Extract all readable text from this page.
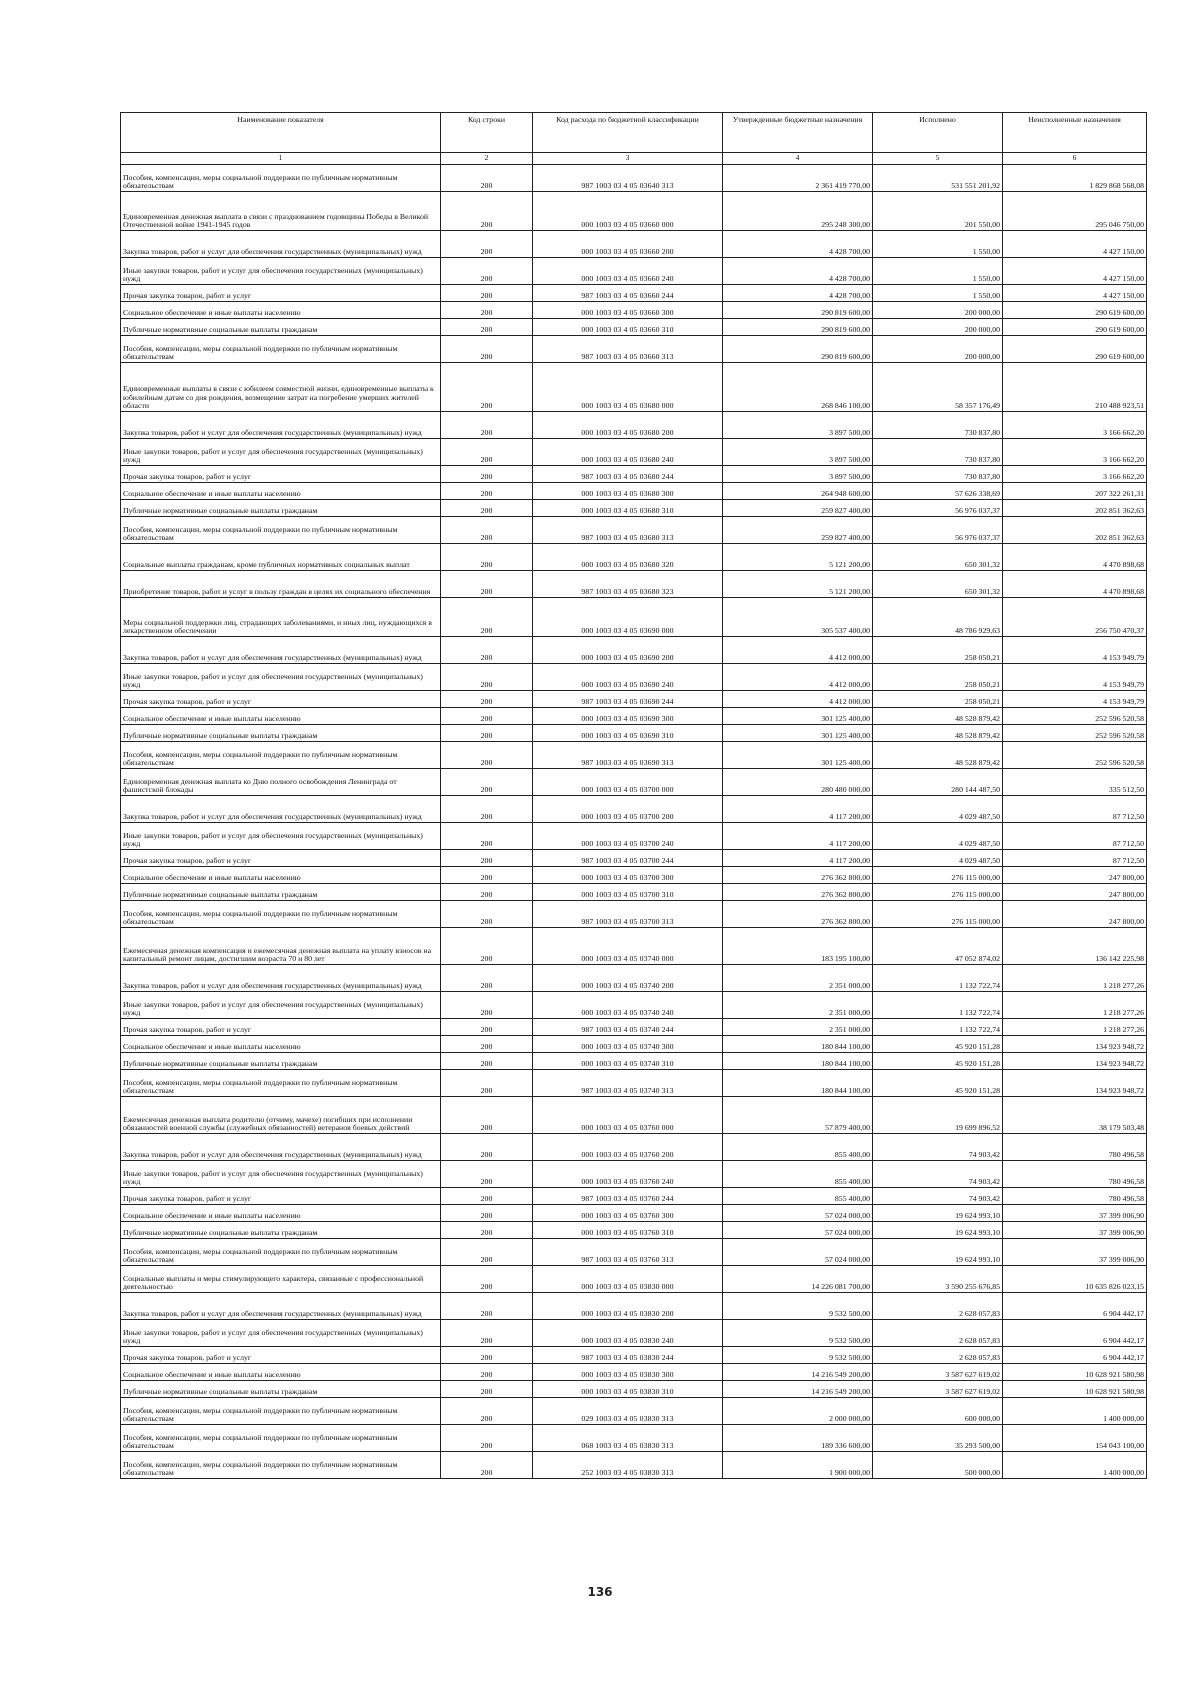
Наименование показателя	Код строки	Код расхода по бюджетной классификации	Утвержденные бюджетные назначения	Исполнено	Неисполненные назначения
1	2	3	4	5	6
Пособия, компенсации, меры социальной поддержки по публичным нормативным обязательствам	200	987 1003 03 4 05 03640 313	2 361 419 770,00	531 551 201,92	1 829 868 568,08
Единовременная денежная выплата в связи с празднованием годовщины Победы в Великой Отечественной войне 1941-1945 годов	200	000 1003 03 4 05 03660 000	295 248 300,00	201 550,00	295 046 750,00
Закупка товаров, работ и услуг для обеспечения государственных (муниципальных) нужд	200	000 1003 03 4 05 03660 200	4 428 700,00	1 550,00	4 427 150,00
Иные закупки товаров, работ и услуг для обеспечения государственных (муниципальных) нужд	200	000 1003 03 4 05 03660 240	4 428 700,00	1 550,00	4 427 150,00
Прочая закупка товаров, работ и услуг	200	987 1003 03 4 05 03660 244	4 428 700,00	1 550,00	4 427 150,00
Социальное обеспечение и иные выплаты населению	200	000 1003 03 4 05 03660 300	290 819 600,00	200 000,00	290 619 600,00
Публичные нормативные социальные выплаты гражданам	200	000 1003 03 4 05 03660 310	290 819 600,00	200 000,00	290 619 600,00
Пособия, компенсации, меры социальной поддержки по публичным нормативным обязательствам	200	987 1003 03 4 05 03660 313	290 819 600,00	200 000,00	290 619 600,00
Единовременные выплаты в связи с юбилеем совместной жизни, единовременные выплаты к юбилейным датам со дня рождения, возмещение затрат на погребение умерших жителей области	200	000 1003 03 4 05 03680 000	268 846 100,00	58 357 176,49	210 488 923,51
Закупка товаров, работ и услуг для обеспечения государственных (муниципальных) нужд	200	000 1003 03 4 05 03680 200	3 897 500,00	730 837,80	3 166 662,20
Иные закупки товаров, работ и услуг для обеспечения государственных (муниципальных) нужд	200	000 1003 03 4 05 03680 240	3 897 500,00	730 837,80	3 166 662,20
Прочая закупка товаров, работ и услуг	200	987 1003 03 4 05 03680 244	3 897 500,00	730 837,80	3 166 662,20
Социальное обеспечение и иные выплаты населению	200	000 1003 03 4 05 03680 300	264 948 600,00	57 626 338,69	207 322 261,31
Публичные нормативные социальные выплаты гражданам	200	000 1003 03 4 05 03680 310	259 827 400,00	56 976 037,37	202 851 362,63
Пособия, компенсации, меры социальной поддержки по публичным нормативным обязательствам	200	987 1003 03 4 05 03680 313	259 827 400,00	56 976 037,37	202 851 362,63
Социальные выплаты гражданам, кроме публичных нормативных социальных выплат	200	000 1003 03 4 05 03680 320	5 121 200,00	650 301,32	4 470 898,68
Приобретение товаров, работ и услуг в пользу граждан в целях их социального обеспечения	200	987 1003 03 4 05 03680 323	5 121 200,00	650 301,32	4 470 898,68
Меры социальной поддержки лиц, страдающих заболеваниями, и иных лиц, нуждающихся в лекарственном обеспечении	200	000 1003 03 4 05 03690 000	305 537 400,00	48 786 929,63	256 750 470,37
Закупка товаров, работ и услуг для обеспечения государственных (муниципальных) нужд	200	000 1003 03 4 05 03690 200	4 412 000,00	258 050,21	4 153 949,79
Иные закупки товаров, работ и услуг для обеспечения государственных (муниципальных) нужд	200	000 1003 03 4 05 03690 240	4 412 000,00	258 050,21	4 153 949,79
Прочая закупка товаров, работ и услуг	200	987 1003 03 4 05 03690 244	4 412 000,00	258 050,21	4 153 949,79
Социальное обеспечение и иные выплаты населению	200	000 1003 03 4 05 03690 300	301 125 400,00	48 528 879,42	252 596 520,58
Публичные нормативные социальные выплаты гражданам	200	000 1003 03 4 05 03690 310	301 125 400,00	48 528 879,42	252 596 520,58
Пособия, компенсации, меры социальной поддержки по публичным нормативным обязательствам	200	987 1003 03 4 05 03690 313	301 125 400,00	48 528 879,42	252 596 520,58
Единовременная денежная выплата ко Дню полного освобождения Ленинграда от фашистской блокады	200	000 1003 03 4 05 03700 000	280 480 000,00	280 144 487,50	335 512,50
Закупка товаров, работ и услуг для обеспечения государственных (муниципальных) нужд	200	000 1003 03 4 05 03700 200	4 117 200,00	4 029 487,50	87 712,50
Иные закупки товаров, работ и услуг для обеспечения государственных (муниципальных) нужд	200	000 1003 03 4 05 03700 240	4 117 200,00	4 029 487,50	87 712,50
Прочая закупка товаров, работ и услуг	200	987 1003 03 4 05 03700 244	4 117 200,00	4 029 487,50	87 712,50
Социальное обеспечение и иные выплаты населению	200	000 1003 03 4 05 03700 300	276 362 800,00	276 115 000,00	247 800,00
Публичные нормативные социальные выплаты гражданам	200	000 1003 03 4 05 03700 310	276 362 800,00	276 115 000,00	247 800,00
Пособия, компенсации, меры социальной поддержки по публичным нормативным обязательствам	200	987 1003 03 4 05 03700 313	276 362 800,00	276 115 000,00	247 800,00
Ежемесячная денежная компенсация и ежемесячная денежная выплата на уплату взносов на капитальный ремонт лицам, достигшим возраста 70 и 80 лет	200	000 1003 03 4 05 03740 000	183 195 100,00	47 052 874,02	136 142 225,98
Закупка товаров, работ и услуг для обеспечения государственных (муниципальных) нужд	200	000 1003 03 4 05 03740 200	2 351 000,00	1 132 722,74	1 218 277,26
Иные закупки товаров, работ и услуг для обеспечения государственных (муниципальных) нужд	200	000 1003 03 4 05 03740 240	2 351 000,00	1 132 722,74	1 218 277,26
Прочая закупка товаров, работ и услуг	200	987 1003 03 4 05 03740 244	2 351 000,00	1 132 722,74	1 218 277,26
Социальное обеспечение и иные выплаты населению	200	000 1003 03 4 05 03740 300	180 844 100,00	45 920 151,28	134 923 948,72
Публичные нормативные социальные выплаты гражданам	200	000 1003 03 4 05 03740 310	180 844 100,00	45 920 151,28	134 923 948,72
Пособия, компенсации, меры социальной поддержки по публичным нормативным обязательствам	200	987 1003 03 4 05 03740 313	180 844 100,00	45 920 151,28	134 923 948,72
Ежемесячная денежная выплата родителю (отчиму, мачехе) погибших при исполнении обязанностей военной службы (служебных обязанностей) ветеранов боевых действий	200	000 1003 03 4 05 03760 000	57 879 400,00	19 699 896,52	38 179 503,48
Закупка товаров, работ и услуг для обеспечения государственных (муниципальных) нужд	200	000 1003 03 4 05 03760 200	855 400,00	74 903,42	780 496,58
Иные закупки товаров, работ и услуг для обеспечения государственных (муниципальных) нужд	200	000 1003 03 4 05 03760 240	855 400,00	74 903,42	780 496,58
Прочая закупка товаров, работ и услуг	200	987 1003 03 4 05 03760 244	855 400,00	74 903,42	780 496,58
Социальное обеспечение и иные выплаты населению	200	000 1003 03 4 05 03760 300	57 024 000,00	19 624 993,10	37 399 006,90
Публичные нормативные социальные выплаты гражданам	200	000 1003 03 4 05 03760 310	57 024 000,00	19 624 993,10	37 399 006,90
Пособия, компенсации, меры социальной поддержки по публичным нормативным обязательствам	200	987 1003 03 4 05 03760 313	57 024 000,00	19 624 993,10	37 399 006,90
Социальные выплаты и меры стимулирующего характера, связанные с профессиональной деятельностью	200	000 1003 03 4 05 03830 000	14 226 081 700,00	3 590 255 676,85	10 635 826 023,15
Закупка товаров, работ и услуг для обеспечения государственных (муниципальных) нужд	200	000 1003 03 4 05 03830 200	9 532 500,00	2 628 057,83	6 904 442,17
Иные закупки товаров, работ и услуг для обеспечения государственных (муниципальных) нужд	200	000 1003 03 4 05 03830 240	9 532 500,00	2 628 057,83	6 904 442,17
Прочая закупка товаров, работ и услуг	200	987 1003 03 4 05 03830 244	9 532 500,00	2 628 057,83	6 904 442,17
Социальное обеспечение и иные выплаты населению	200	000 1003 03 4 05 03830 300	14 216 549 200,00	3 587 627 619,02	10 628 921 580,98
Публичные нормативные социальные выплаты гражданам	200	000 1003 03 4 05 03830 310	14 216 549 200,00	3 587 627 619,02	10 628 921 580,98
Пособия, компенсации, меры социальной поддержки по публичным нормативным обязательствам	200	029 1003 03 4 05 03830 313	2 000 000,00	600 000,00	1 400 000,00
Пособия, компенсации, меры социальной поддержки по публичным нормативным обязательствам	200	068 1003 03 4 05 03830 313	189 336 600,00	35 293 500,00	154 043 100,00
Пособия, компенсации, меры социальной поддержки по публичным нормативным обязательствам	200	252 1003 03 4 05 03830 313	1 900 000,00	500 000,00	1 400 000,00
136
